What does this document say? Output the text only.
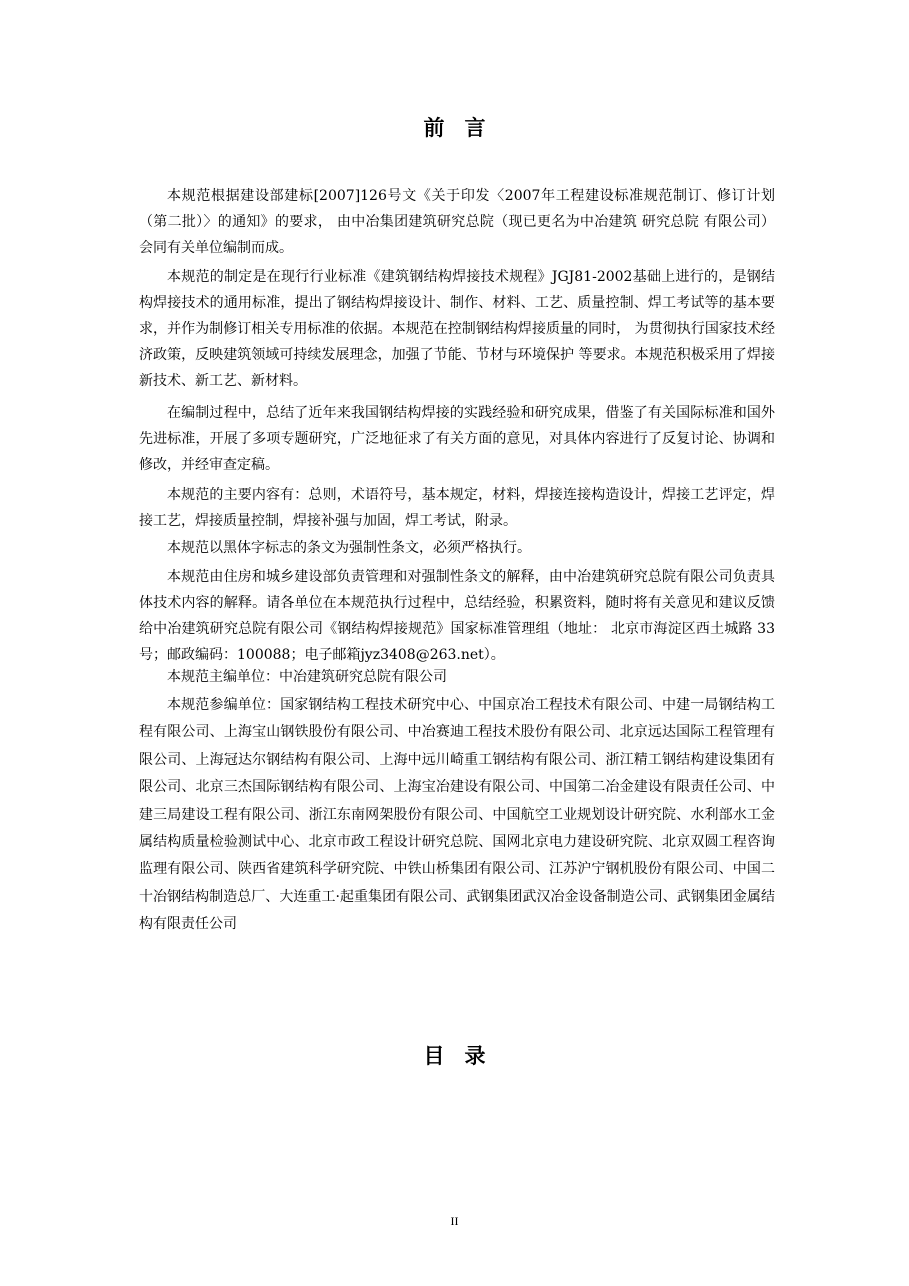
前言

本规范根据建设部建标[2007]126号文《关于印发〈2007年工程建设标准规范制订、修订计划（第二批）〉的通知》的要求， 由中冶集团建筑研究总院（现已更名为中冶建筑 研究总院 有限公司）会同有关单位编制而成。

本规范的制定是在现行行业标准《建筑钢结构焊接技术规程》JGJ81-2002基础上进行的，是钢结构焊接技术的通用标准，提出了钢结构焊接设计、制作、材料、工艺、质量控制、焊工考试等的基本要求，并作为制修订相关专用标准的依据。本规范在控制钢结构焊接质量的同时， 为贯彻执行国家技术经济政策，反映建筑领域可持续发展理念，加强了节能、节材与环境保护 等要求。本规范积极采用了焊接新技术、新工艺、新材料。

在编制过程中，总结了近年来我国钢结构焊接的实践经验和研究成果，借鉴了有关国际标准和国外先进标准，开展了多项专题研究，广泛地征求了有关方面的意见，对具体内容进行了反复讨论、协调和修改，并经审查定稿。

本规范的主要内容有：总则，术语符号，基本规定，材料，焊接连接构造设计，焊接工艺评定，焊接工艺，焊接质量控制，焊接补强与加固，焊工考试，附录。

本规范以黑体字标志的条文为强制性条文，必须严格执行。

本规范由住房和城乡建设部负责管理和对强制性条文的解释，由中冶建筑研究总院有限公司负责具体技术内容的解释。请各单位在本规范执行过程中，总结经验，积累资料，随时将有关意见和建议反馈给中冶建筑研究总院有限公司《钢结构焊接规范》国家标准管理组（地址： 北京市海淀区西土城路 33号；邮政编码：100088；电子邮箱jyz3408@263.net）。

本规范主编单位：中冶建筑研究总院有限公司

本规范参编单位：国家钢结构工程技术研究中心、中国京冶工程技术有限公司、中建一局钢结构工程有限公司、上海宝山钢铁股份有限公司、中冶赛迪工程技术股份有限公司、北京远达国际工程管理有限公司、上海冠达尔钢结构有限公司、上海中远川崎重工钢结构有限公司、浙江精工钢结构建设集团有限公司、北京三杰国际钢结构有限公司、上海宝冶建设有限公司、中国第二冶金建设有限责任公司、中建三局建设工程有限公司、浙江东南网架股份有限公司、中国航空工业规划设计研究院、水利部水工金属结构质量检验测试中心、北京市政工程设计研究总院、国网北京电力建设研究院、北京双圆工程咨询监理有限公司、陕西省建筑科学研究院、中铁山桥集团有限公司、江苏沪宁钢机股份有限公司、中国二十冶钢结构制造总厂、大连重工·起重集团有限公司、武钢集团武汉冶金设备制造公司、武钢集团金属结构有限责任公司

目录
II
